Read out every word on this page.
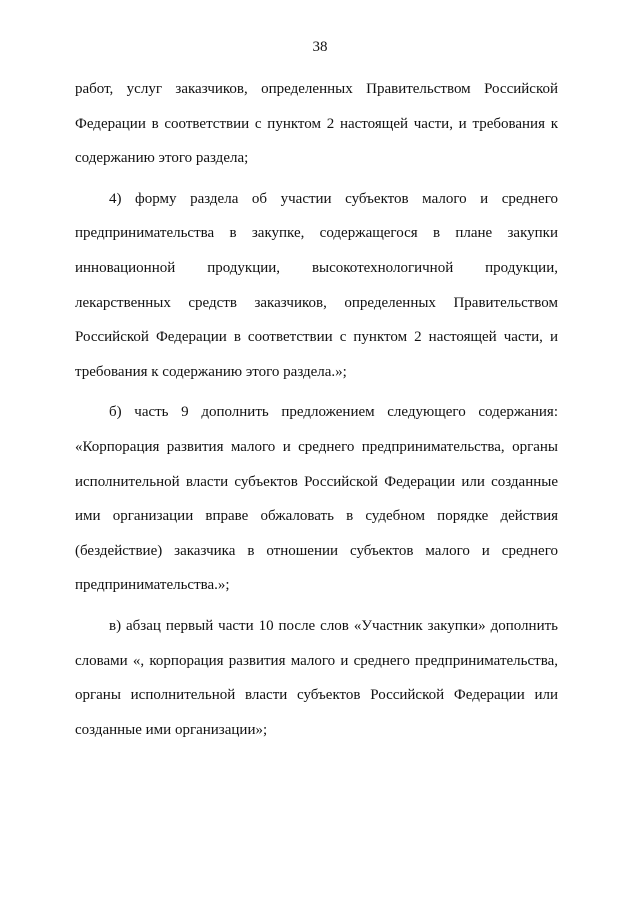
38
работ, услуг заказчиков, определенных Правительством Российской
Федерации в соответствии с пунктом 2 настоящей части, и требования к
содержанию этого раздела;
4) форму раздела об участии субъектов малого и среднего
предпринимательства в закупке, содержащегося в плане закупки
инновационной продукции, высокотехнологичной продукции,
лекарственных средств заказчиков, определенных Правительством
Российской Федерации в соответствии с пунктом 2 настоящей части, и
требования к содержанию этого раздела.»;
б) часть 9 дополнить предложением следующего содержания:
«Корпорация развития малого и среднего предпринимательства, органы
исполнительной власти субъектов Российской Федерации или созданные
ими организации вправе обжаловать в судебном порядке действия
(бездействие) заказчика в отношении субъектов малого и среднего
предпринимательства.»;
в) абзац первый части 10 после слов «Участник закупки» дополнить
словами «, корпорация развития малого и среднего предпринимательства,
органы исполнительной власти субъектов Российской Федерации или
созданные ими организации»;
